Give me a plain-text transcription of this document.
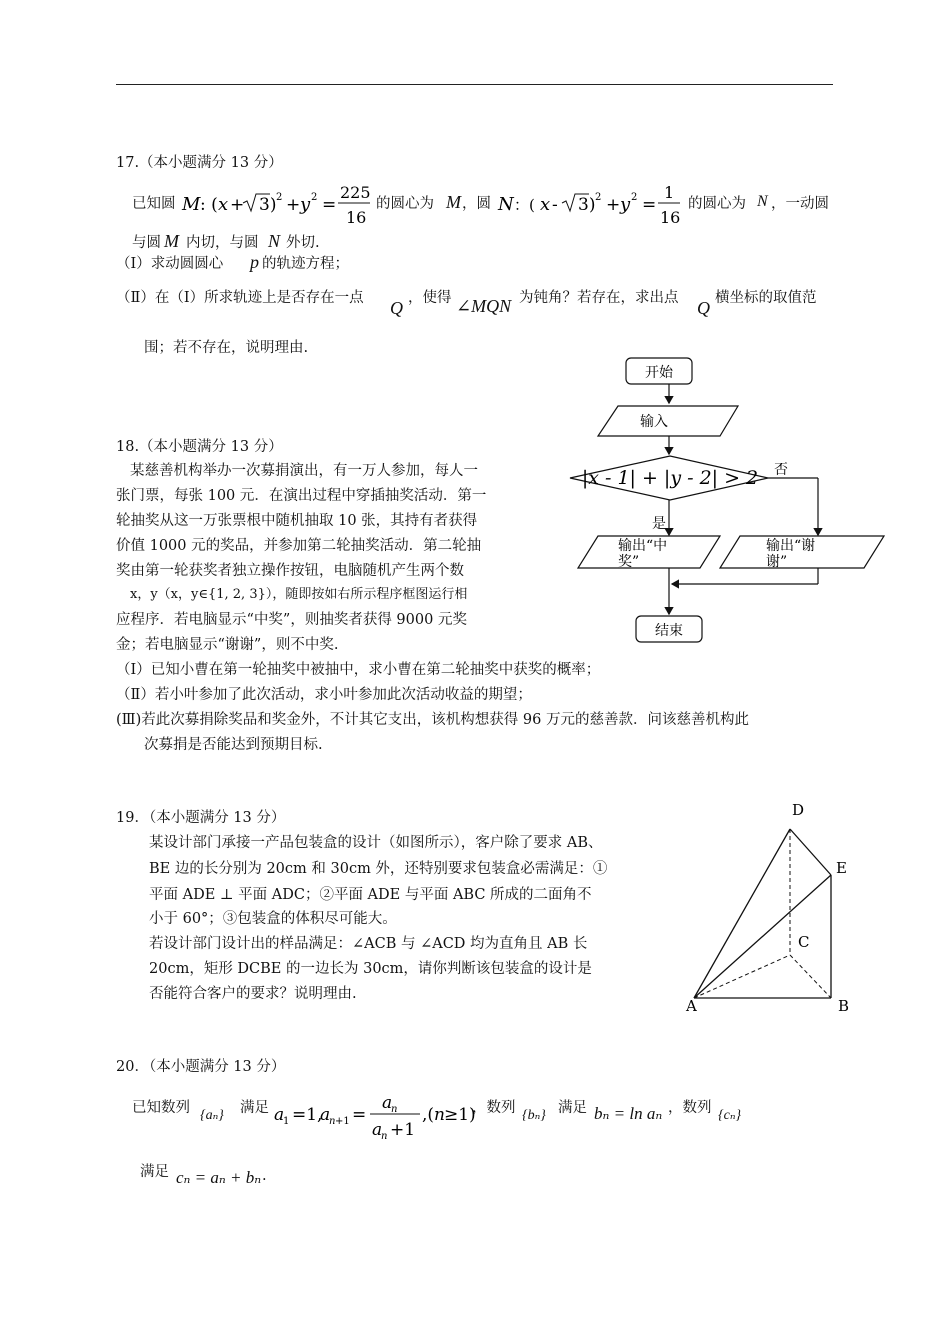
17.（本小题满分 13 分）
已知圆 M : ( x + 3) 2 + y 2 =
225
16
的圆心为 M ，圆 N ：( x - 3) 2 + y 2 =
1
16
的圆心为 N ，一动圆
与圆 M 内切，与圆 N 外切.
（Ⅰ）求动圆圆心 p 的轨迹方程；
（Ⅱ）在（Ⅰ）所求轨迹上是否存在一点 Q ，使得 ∠MQN 为钝角？若存在，求出点 Q 横坐标的取值范
围；若不存在，说明理由.
18.（本小题满分 13 分）
某慈善机构举办一次募捐演出，有一万人参加，每人一
张门票，每张 100 元．在演出过程中穿插抽奖活动．第一
轮抽奖从这一万张票根中随机抽取 10 张，其持有者获得
价值 1000 元的奖品，并参加第二轮抽奖活动．第二轮抽
奖由第一轮获奖者独立操作按钮，电脑随机产生两个数
x，y（x，y∈{1, 2, 3}），随即按如右所示程序框图运行相
应程序．若电脑显示“中奖”，则抽奖者获得 9000 元奖
金；若电脑显示“谢谢”，则不中奖.
（Ⅰ）已知小曹在第一轮抽奖中被抽中，求小曹在第二轮抽奖中获奖的概率；
（Ⅱ）若小叶参加了此次活动，求小叶参加此次活动收益的期望；
(Ⅲ)若此次募捐除奖品和奖金外，不计其它支出，该机构想获得 96 万元的慈善款．问该慈善机构此
次募捐是否能达到预期目标.
开始
输入
|x - 1| + |y - 2| > 2 否
是
输出“中
奖”
输出“谢
谢”
结束
19．（本小题满分 13 分）
某设计部门承接一产品包装盒的设计（如图所示），客户除了要求 AB、
BE 边的长分别为 20cm 和 30cm 外，还特别要求包装盒必需满足：①
平面 ADE ⊥ 平面 ADC；②平面 ADE 与平面 ABC 所成的二面角不
小于 60°；③包装盒的体积尽可能大。
若设计部门设计出的样品满足：∠ACB 与 ∠ACD 均为直角且 AB 长
20cm，矩形 DCBE 的一边长为 30cm，请你判断该包装盒的设计是
否能符合客户的要求？说明理由.
D
E
C
A	B
20．（本小题满分 13 分）
已知数列 {aₙ} 满足 a
1 =1,
a
n +1 =
a
n
a
n +1
,( n ≥1)
，数列 {bₙ} 满足 bₙ = ln aₙ ，数列 {cₙ}
满足 cₙ = aₙ + bₙ .
